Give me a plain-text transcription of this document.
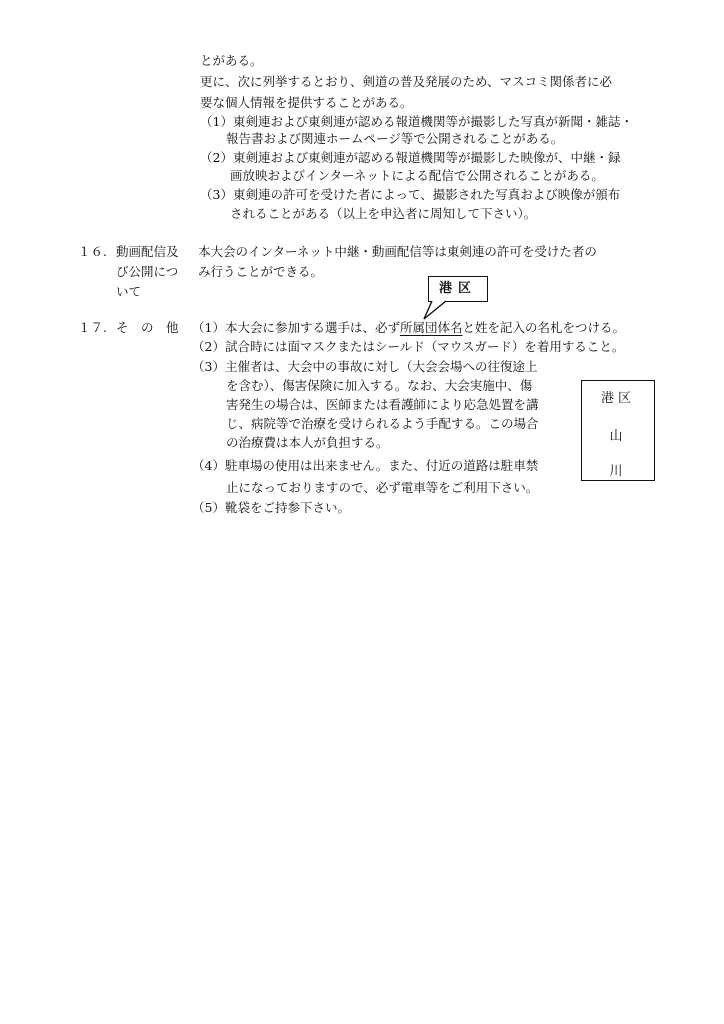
とがある。
更に、次に列挙するとおり、剣道の普及発展のため、マスコミ関係者に必
要な個人情報を提供することがある。
（1）東剣連および東剣連が認める報道機関等が撮影した写真が新聞・雑誌・
報告書および関連ホームページ等で公開されることがある。
（2）東剣連および東剣連が認める報道機関等が撮影した映像が、中継・録
画放映およびインターネットによる配信で公開されることがある。
（3）東剣連の許可を受けた者によって、撮影された写真および映像が頒布
されることがある（以上を申込者に周知して下さい）。
１６. 動画配信及
び公開につ
いて
本大会のインターネット中継・動画配信等は東剣連の許可を受けた者の
み行うことができる。
港区
１７. そ　の　他 （1）本大会に参加する選手は、必ず所属団体名と姓を記入の名札をつける。
（2）試合時には面マスクまたはシールド（マウスガード）を着用すること。
（3）主催者は、大会中の事故に対し（大会会場への往復途上
を含む）、傷害保険に加入する。なお、大会実施中、傷
害発生の場合は、医師または看護師により応急処置を講
じ、病院等で治療を受けられるよう手配する。この場合
の治療費は本人が負担する。
（4）駐車場の使用は出来ません。また、付近の道路は駐車禁
止になっておりますので、必ず電車等をご利用下さい。
（5）靴袋をご持参下さい。
港区
山
川
